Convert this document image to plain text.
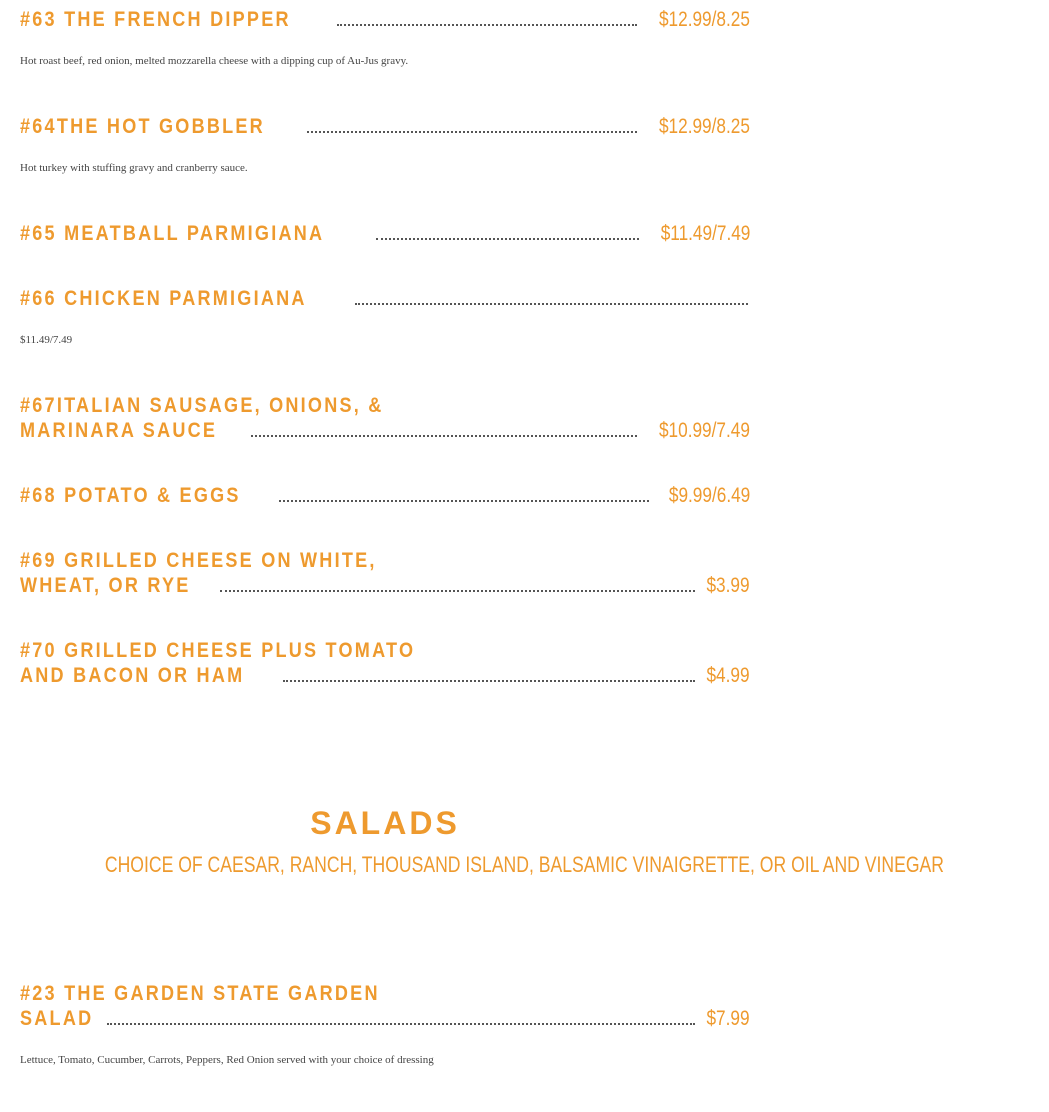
#63 THE FRENCH DIPPER	$12.99/8.25
Hot roast beef, red onion, melted mozzarella cheese with a dipping cup of Au-Jus gravy.
#64THE HOT GOBBLER	$12.99/8.25
Hot turkey with stuffing gravy and cranberry sauce.
#65 MEATBALL PARMIGIANA	$11.49/7.49
#66 CHICKEN PARMIGIANA
$11.49/7.49
#67ITALIAN SAUSAGE, ONIONS, &
MARINARA SAUCE	$10.99/7.49
#68 POTATO & EGGS	$9.99/6.49
#69 GRILLED CHEESE ON WHITE,
WHEAT, OR RYE	$3.99
#70 GRILLED CHEESE PLUS TOMATO
AND BACON OR HAM	$4.99
SALADS
CHOICE OF CAESAR, RANCH, THOUSAND ISLAND, BALSAMIC VINAIGRETTE, OR OIL AND VINEGAR
#23 THE GARDEN STATE GARDEN
SALAD	$7.99
Lettuce, Tomato, Cucumber, Carrots, Peppers, Red Onion served with your choice of dressing
